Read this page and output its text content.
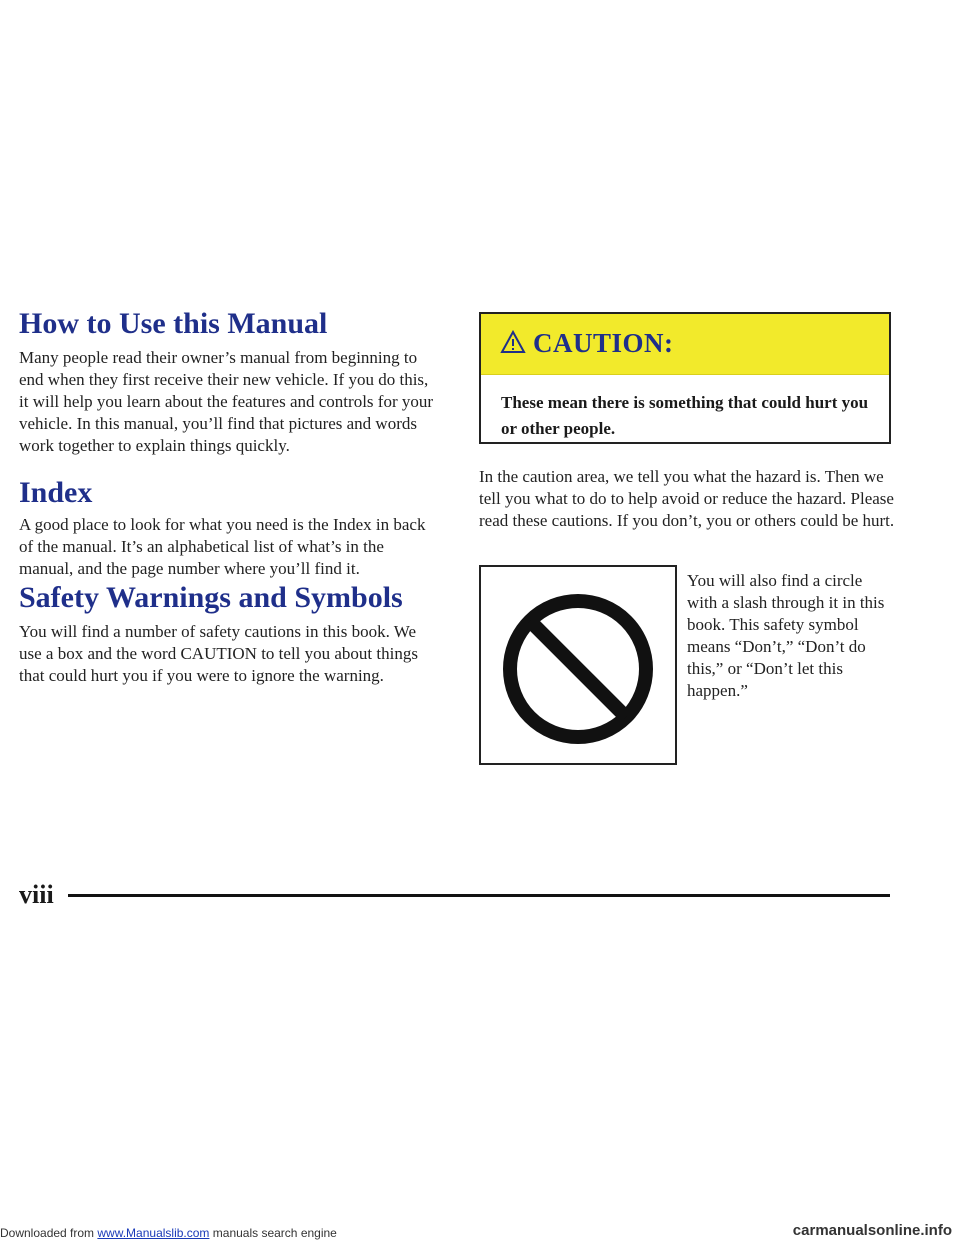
How to Use this Manual

Many people read their owner’s manual from beginning to end when they first receive their new vehicle. If you do this, it will help you learn about the features and controls for your vehicle. In this manual, you’ll find that pictures and words work together to explain things quickly.

Index

A good place to look for what you need is the Index in back of the manual. It’s an alphabetical list of what’s in the manual, and the page number where you’ll find it.

Safety Warnings and Symbols

You will find a number of safety cautions in this book. We use a box and the word CAUTION to tell you about things that could hurt you if you were to ignore the warning.

CAUTION:

These mean there is something that could hurt you or other people.

In the caution area, we tell you what the hazard is. Then we tell you what to do to help avoid or reduce the hazard. Please read these cautions. If you don’t, you or others could be hurt.

You will also find a circle with a slash through it in this book. This safety symbol means “Don’t,” “Don’t do this,” or “Don’t let this happen.”

viii
Downloaded from www.Manualslib.com manuals search engine	carmanualsonline.info
